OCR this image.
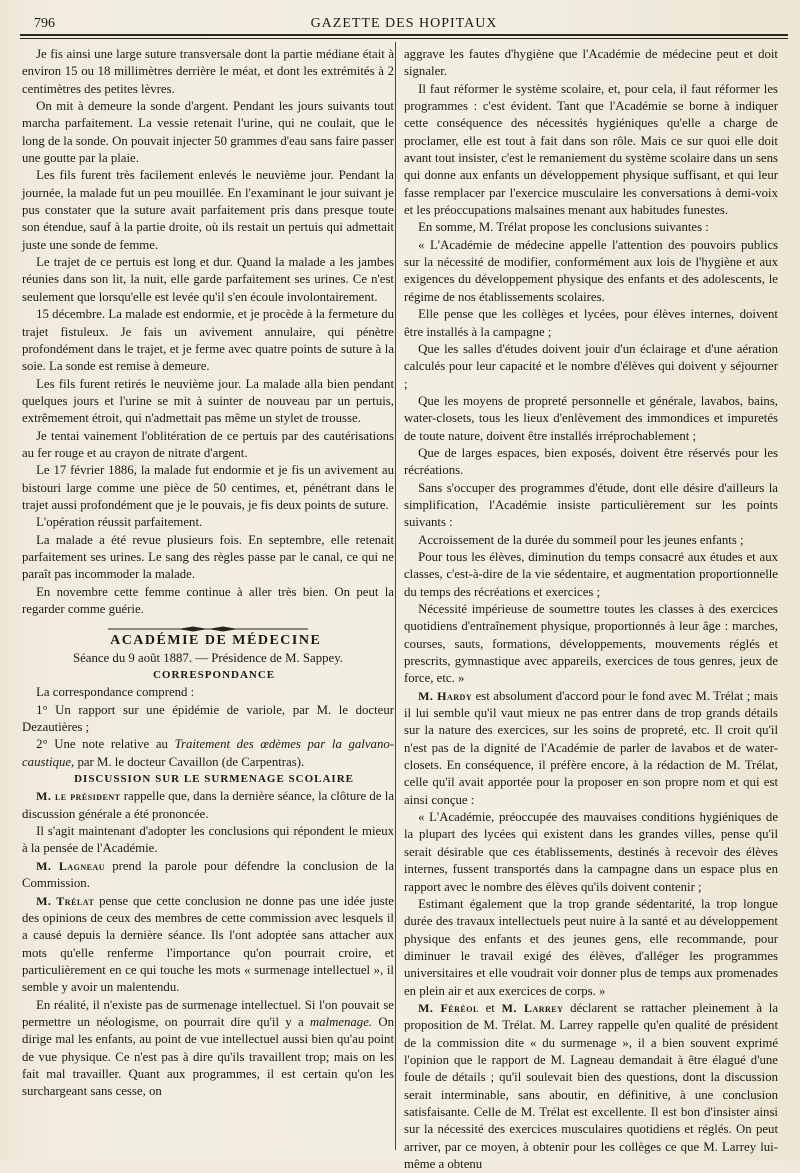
796	GAZETTE DES HOPITAUX

Je fis ainsi une large suture transversale dont la partie médiane était à environ 15 ou 18 millimètres derrière le méat, et dont les extrémités à 2 centimètres des petites lèvres.

On mit à demeure la sonde d'argent. Pendant les jours suivants tout marcha parfaitement. La vessie retenait l'urine, qui ne coulait, que le long de la sonde. On pouvait injecter 50 grammes d'eau sans faire passer une goutte par la plaie.

Les fils furent très facilement enlevés le neuvième jour. Pendant la journée, la malade fut un peu mouillée. En l'examinant le jour suivant je pus constater que la suture avait parfaitement pris dans presque toute son étendue, sauf à la partie droite, où ils restait un pertuis qui admettait juste une sonde de femme.

Le trajet de ce pertuis est long et dur. Quand la malade a les jambes réunies dans son lit, la nuit, elle garde parfaitement ses urines. Ce n'est seulement que lorsqu'elle est levée qu'il s'en écoule involontairement.

15 décembre. La malade est endormie, et je procède à la fermeture du trajet fistuleux. Je fais un avivement annulaire, qui pénètre profondément dans le trajet, et je ferme avec quatre points de suture à la soie. La sonde est remise à demeure.

Les fils furent retirés le neuvième jour. La malade alla bien pendant quelques jours et l'urine se mit à suinter de nouveau par un pertuis, extrêmement étroit, qui n'admettait pas même un stylet de trousse.

Je tentai vainement l'oblitération de ce pertuis par des cautérisations au fer rouge et au crayon de nitrate d'argent.

Le 17 février 1886, la malade fut endormie et je fis un avivement au bistouri large comme une pièce de 50 centimes, et, pénétrant dans le trajet aussi profondément que je le pouvais, je fis deux points de suture.

L'opération réussit parfaitement.

La malade a été revue plusieurs fois. En septembre, elle retenait parfaitement ses urines. Le sang des règles passe par le canal, ce qui ne paraît pas incommoder la malade.

En novembre cette femme continue à aller très bien. On peut la regarder comme guérie.

ACADÉMIE DE MÉDECINE

Séance du 9 août 1887. — Présidence de M. Sappey.

CORRESPONDANCE

La correspondance comprend :

1° Un rapport sur une épidémie de variole, par M. le docteur Dezautières ;

2° Une note relative au Traitement des œdèmes par la galvano-caustique, par M. le docteur Cavaillon (de Carpentras).

DISCUSSION SUR LE SURMENAGE SCOLAIRE

M. le président rappelle que, dans la dernière séance, la clôture de la discussion générale a été prononcée.

Il s'agit maintenant d'adopter les conclusions qui répondent le mieux à la pensée de l'Académie.

M. Lagneau prend la parole pour défendre la conclusion de la Commission.

M. Trélat pense que cette conclusion ne donne pas une idée juste des opinions de ceux des membres de cette commission avec lesquels il a causé depuis la dernière séance. Ils l'ont adoptée sans attacher aux mots qu'elle renferme l'importance qu'on pourrait croire, et particulièrement en ce qui touche les mots « surmenage intellectuel », il semble y avoir un malentendu.

En réalité, il n'existe pas de surmenage intellectuel. Si l'on pouvait se permettre un néologisme, on pourrait dire qu'il y a malmenage. On dirige mal les enfants, au point de vue intellectuel aussi bien qu'au point de vue physique. Ce n'est pas à dire qu'ils travaillent trop; mais on les fait mal travailler. Quant aux programmes, il est certain qu'on les surchargeant sans cesse, on

aggrave les fautes d'hygiène que l'Académie de médecine peut et doit signaler.

Il faut réformer le système scolaire, et, pour cela, il faut réformer les programmes : c'est évident. Tant que l'Académie se borne à indiquer cette conséquence des nécessités hygiéniques qu'elle a charge de proclamer, elle est tout à fait dans son rôle. Mais ce sur quoi elle doit avant tout insister, c'est le remaniement du système scolaire dans un sens qui donne aux enfants un développement physique suffisant, et qui leur fasse remplacer par l'exercice musculaire les conversations à demi-voix et les préoccupations malsaines menant aux habitudes funestes.

En somme, M. Trélat propose les conclusions suivantes :

« L'Académie de médecine appelle l'attention des pouvoirs publics sur la nécessité de modifier, conformément aux lois de l'hygiène et aux exigences du développement physique des enfants et des adolescents, le régime de nos établissements scolaires.

Elle pense que les collèges et lycées, pour élèves internes, doivent être installés à la campagne ;

Que les salles d'études doivent jouir d'un éclairage et d'une aération calculés pour leur capacité et le nombre d'élèves qui doivent y séjourner ;

Que les moyens de propreté personnelle et générale, lavabos, bains, water-closets, tous les lieux d'enlèvement des immondices et impuretés de toute nature, doivent être installés irréprochablement ;

Que de larges espaces, bien exposés, doivent être réservés pour les récréations.

Sans s'occuper des programmes d'étude, dont elle désire d'ailleurs la simplification, l'Académie insiste particulièrement sur les points suivants :

Accroissement de la durée du sommeil pour les jeunes enfants ;

Pour tous les élèves, diminution du temps consacré aux études et aux classes, c'est-à-dire de la vie sédentaire, et augmentation proportionnelle du temps des récréations et exercices ;

Nécessité impérieuse de soumettre toutes les classes à des exercices quotidiens d'entraînement physique, proportionnés à leur âge : marches, courses, sauts, formations, développements, mouvements réglés et prescrits, gymnastique avec appareils, exercices de tous genres, jeux de force, etc. »

M. Hardy est absolument d'accord pour le fond avec M. Trélat ; mais il lui semble qu'il vaut mieux ne pas entrer dans de trop grands détails sur la nature des exercices, sur les soins de propreté, etc. Il croit qu'il n'est pas de la dignité de l'Académie de parler de lavabos et de water-closets. En conséquence, il préfère encore, à la rédaction de M. Trélat, celle qu'il avait apportée pour la proposer en son propre nom et qui est ainsi conçue :

« L'Académie, préoccupée des mauvaises conditions hygiéniques de la plupart des lycées qui existent dans les grandes villes, pense qu'il serait désirable que ces établissements, destinés à recevoir des élèves internes, fussent transportés dans la campagne dans un espace plus en rapport avec le nombre des élèves qu'ils doivent contenir ;

Estimant également que la trop grande sédentarité, la trop longue durée des travaux intellectuels peut nuire à la santé et au développement physique des enfants et des jeunes gens, elle recommande, pour diminuer le travail exigé des élèves, d'alléger les programmes universitaires et elle voudrait voir donner plus de temps aux promenades en plein air et aux exercices de corps. »

M. Féréol et M. Larrey déclarent se rattacher pleinement à la proposition de M. Trélat. M. Larrey rappelle qu'en qualité de président de la commission dite « du surmenage », il a bien souvent exprimé l'opinion que le rapport de M. Lagneau demandait à être élagué d'une foule de détails ; qu'il soulevait bien des questions, dont la discussion serait interminable, sans aboutir, en définitive, à une conclusion satisfaisante. Celle de M. Trélat est excellente. Il est bon d'insister ainsi sur la nécessité des exercices musculaires quotidiens et réglés. On peut arriver, par ce moyen, à obtenir pour les collèges ce que M. Larrey lui-même a obtenu
